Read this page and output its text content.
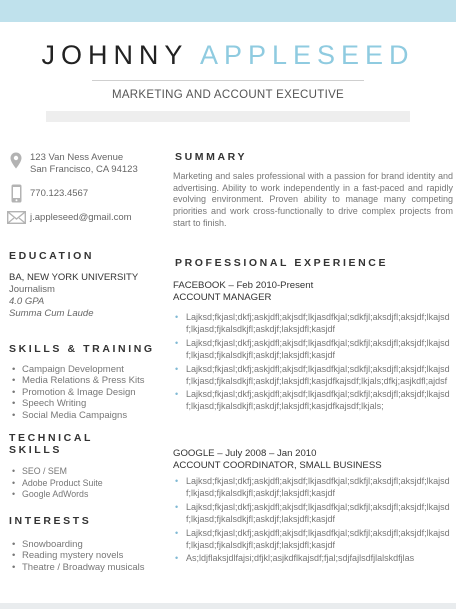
JOHNNY APPLESEED
MARKETING AND ACCOUNT EXECUTIVE
123 Van Ness Avenue
San Francisco, CA 94123
770.123.4567
j.appleseed@gmail.com
EDUCATION
BA, NEW YORK UNIVERSITY
Journalism
4.0 GPA
Summa Cum Laude
SKILLS & TRAINING
• Campaign Development
• Media Relations & Press Kits
• Promotion & Image Design
• Speech Writing
• Social Media Campaigns
TECHNICAL
SKILLS
• SEO / SEM
• Adobe Product Suite
• Google AdWords
INTERESTS
• Snowboarding
• Reading mystery novels
• Theatre / Broadway musicals
SUMMARY
Marketing and sales professional with a passion for brand identity and advertising. Ability to work independently in a fast-paced and rapidly evolving environment. Proven ability to manage many competing priorities and work cross-functionally to drive complex projects from start to finish.
PROFESSIONAL EXPERIENCE
FACEBOOK – Feb 2010-Present
ACCOUNT MANAGER
• Lajksd;fkjasl;dkfj;askjdfl;akjsdf;lkjasdfkjal;sdkfjl;aksdjfl;aksjdf;lkajsdf;lkjasd;fjkalsdkjfl;askdjf;laksjdfl;kasjdf
• Lajksd;fkjasl;dkfj;askjdfl;akjsdf;lkjasdfkjal;sdkfjl;aksdjfl;aksjdf;lkajsdf;lkjasd;fjkalsdkjfl;askdjf;laksjdfl;kasjdf
• Lajksd;fkjasl;dkfj;askjdfl;akjsdf;lkjasdfkjal;sdkfjl;aksdjfl;aksjdf;lkajsdf;lkjasd;fjkalsdkjfl;askdjf;laksjdfl;kasjdfkajsdf;lkjals;dfkj;asjkdfl;ajdsf
• Lajksd;fkjasl;dkfj;askjdfl;akjsdf;lkjasdfkjal;sdkfjl;aksdjfl;aksjdf;lkajsdf;lkjasd;fjkalsdkjfl;askdjf;laksjdfl;kasjdfkajsdf;lkjals;
GOOGLE – July 2008 – Jan 2010
ACCOUNT COORDINATOR, SMALL BUSINESS
• Lajksd;fkjasl;dkfj;askjdfl;akjsdf;lkjasdfkjal;sdkfjl;aksdjfl;aksjdf;lkajsdf;lkjasd;fjkalsdkjfl;askdjf;laksjdfl;kasjdf
• Lajksd;fkjasl;dkfj;askjdfl;akjsdf;lkjasdfkjal;sdkfjl;aksdjfl;aksjdf;lkajsdf;lkjasd;fjkalsdkjfl;askdjf;laksjdfl;kasjdf
• Lajksd;fkjasl;dkfj;askjdfl;akjsdf;lkjasdfkjal;sdkfjl;aksdjfl;aksjdf;lkajsdf;lkjasd;fjkalsdkjfl;askdjf;laksjdfl;kasjdf
• As;ldjflaksjdlfajsi;dfjkl;asjkdflkajsdf;fjal;sdjfajlsdfjlalskdfjlas
